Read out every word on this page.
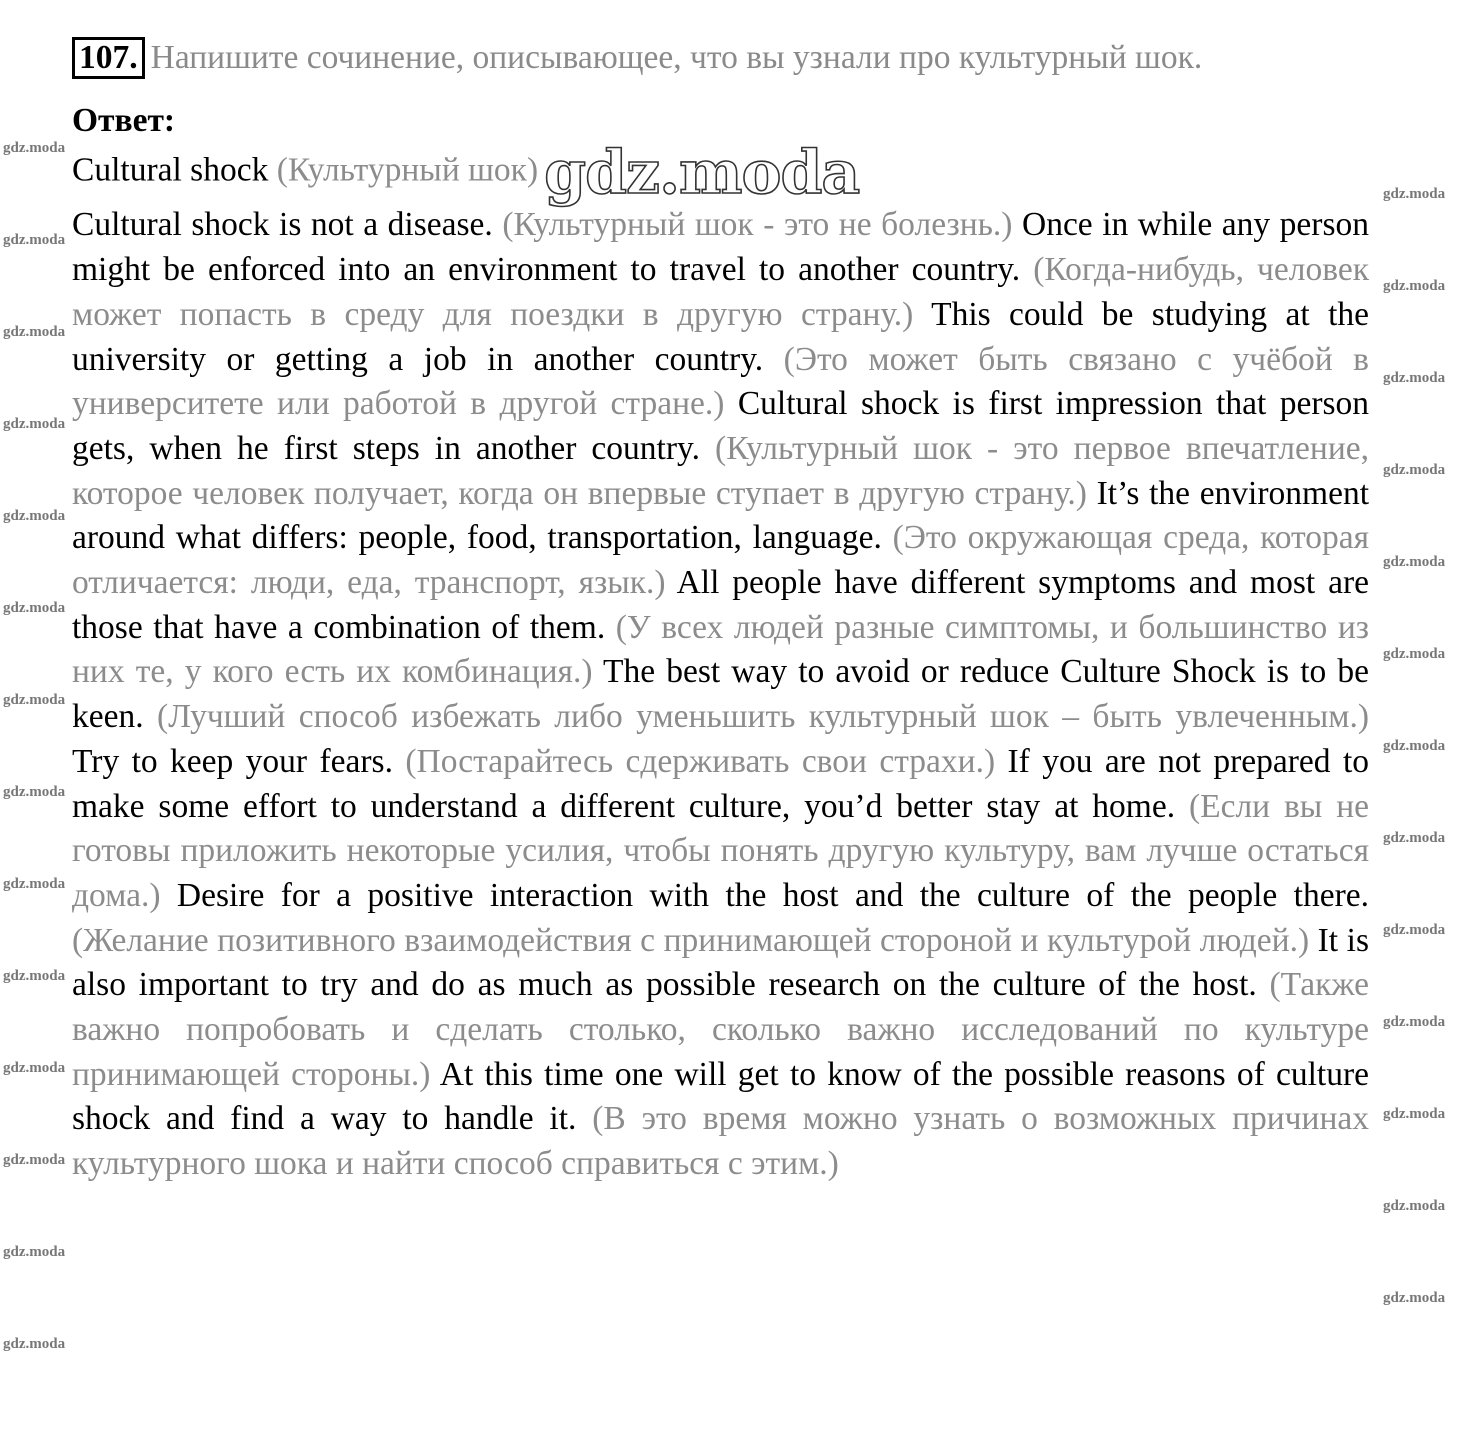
107. Напишите сочинение, описывающее, что вы узнали про культурный шок.
Ответ:
Cultural shock (Культурный шок) gdz.moda
Cultural shock is not a disease. (Культурный шок - это не болезнь.) Once in while any person might be enforced into an environment to travel to another country. (Когда-нибудь, человек может попасть в среду для поездки в другую страну.) This could be studying at the university or getting a job in another country. (Это может быть связано с учёбой в университете или работой в другой стране.) Cultural shock is first impression that person gets, when he first steps in another country. (Культурный шок - это первое впечатление, которое человек получает, когда он впервые ступает в другую страну.) It’s the environment around what differs: people, food, transportation, language. (Это окружающая среда, которая отличается: люди, еда, транспорт, язык.) All people have different symptoms and most are those that have a combination of them. (У всех людей разные симптомы, и большинство из них те, у кого есть их комбинация.) The best way to avoid or reduce Culture Shock is to be keen. (Лучший способ избежать либо уменьшить культурный шок – быть увлеченным.) Try to keep your fears. (Постарайтесь сдерживать свои страхи.) If you are not prepared to make some effort to understand a different culture, you’d better stay at home. (Если вы не готовы приложить некоторые усилия, чтобы понять другую культуру, вам лучше остаться дома.) Desire for a positive interaction with the host and the culture of the people there. (Желание позитивного взаимодействия с принимающей стороной и культурой людей.) It is also important to try and do as much as possible research on the culture of the host. (Также важно попробовать и сделать столько, сколько важно исследований по культуре принимающей стороны.) At this time one will get to know of the possible reasons of culture shock and find a way to handle it. (В это время можно узнать о возможных причинах культурного шока и найти способ справиться с этим.)
gdz.moda
gdz.moda
gdz.moda
gdz.moda
gdz.moda
gdz.moda
gdz.moda
gdz.moda
gdz.moda
gdz.moda
gdz.moda
gdz.moda
gdz.moda
gdz.moda
gdz.moda
gdz.moda
gdz.moda
gdz.moda
gdz.moda
gdz.moda
gdz.moda
gdz.moda
gdz.moda
gdz.moda
gdz.moda
gdz.moda
gdz.moda
